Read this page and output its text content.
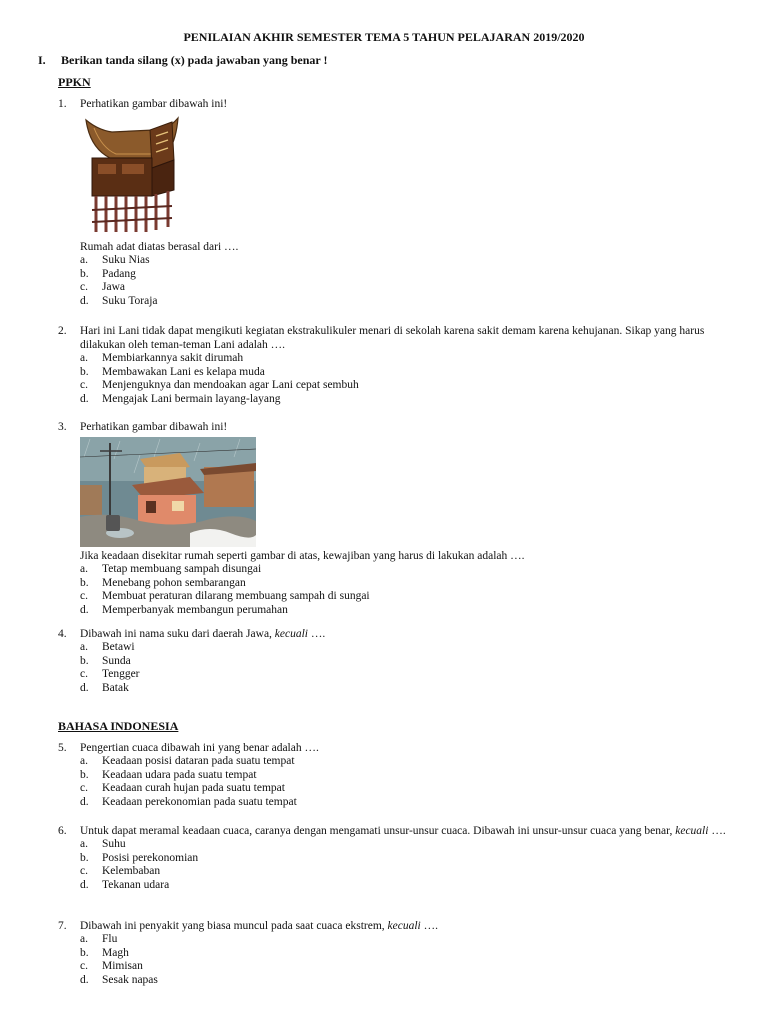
PENILAIAN AKHIR SEMESTER TEMA 5 TAHUN PELAJARAN 2019/2020
I. Berikan tanda silang (x) pada jawaban yang benar !
PPKN
1. Perhatikan gambar dibawah ini!
Rumah adat diatas berasal dari ….
a.	Suku Nias
b.	Padang
c.	Jawa
d.	Suku Toraja
2. Hari ini Lani tidak dapat mengikuti kegiatan ekstrakulikuler menari di sekolah karena sakit demam karena kehujanan. Sikap yang harus dilakukan oleh teman-teman Lani adalah ….
a.	Membiarkannya sakit dirumah
b.	Membawakan Lani es kelapa muda
c.	Menjenguknya dan mendoakan agar Lani cepat sembuh
d.	Mengajak Lani bermain layang-layang
3. Perhatikan gambar dibawah ini!
Jika keadaan disekitar rumah seperti gambar di atas, kewajiban yang harus di lakukan adalah ….
a.	Tetap membuang sampah disungai
b.	Menebang pohon sembarangan
c.	Membuat peraturan dilarang membuang sampah di sungai
d.	Memperbanyak membangun perumahan
4. Dibawah ini nama suku dari daerah Jawa, kecuali ….
a.	Betawi
b.	Sunda
c.	Tengger
d.	Batak
BAHASA INDONESIA
5. Pengertian cuaca dibawah ini yang benar adalah ….
a.	Keadaan posisi dataran pada suatu tempat
b.	Keadaan udara pada suatu tempat
c.	Keadaan curah hujan pada suatu tempat
d.	Keadaan perekonomian pada suatu tempat
6. Untuk dapat meramal keadaan cuaca, caranya dengan mengamati unsur-unsur cuaca. Dibawah ini unsur-unsur cuaca yang benar, kecuali ….
a.	Suhu
b.	Posisi perekonomian
c.	Kelembaban
d.	Tekanan udara
7. Dibawah ini penyakit yang biasa muncul pada saat cuaca ekstrem, kecuali ….
a.	Flu
b.	Magh
c.	Mimisan
d.	Sesak napas
